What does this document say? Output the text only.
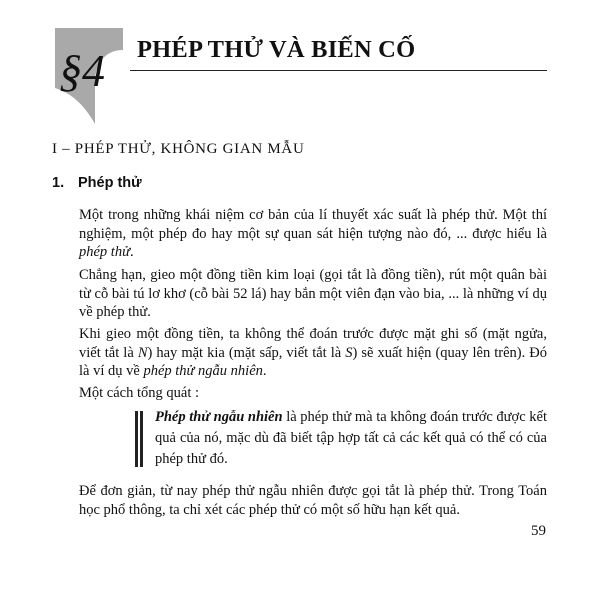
§4 PHÉP THỬ VÀ BIẾN CỐ
I – PHÉP THỬ, KHÔNG GIAN MẪU
1. Phép thử

Một trong những khái niệm cơ bản của lí thuyết xác suất là phép thử. Một thí nghiệm, một phép đo hay một sự quan sát hiện tượng nào đó, ... được hiểu là phép thử.

Chẳng hạn, gieo một đồng tiền kim loại (gọi tắt là đồng tiền), rút một quân bài từ cỗ bài tú lơ khơ (cỗ bài 52 lá) hay bắn một viên đạn vào bia, ... là những ví dụ về phép thử.

Khi gieo một đồng tiền, ta không thể đoán trước được mặt ghi số (mặt ngửa, viết tắt là N) hay mặt kia (mặt sấp, viết tắt là S) sẽ xuất hiện (quay lên trên). Đó là ví dụ về phép thử ngẫu nhiên.

Một cách tổng quát :

Phép thử ngẫu nhiên là phép thử mà ta không đoán trước được kết quả của nó, mặc dù đã biết tập hợp tất cả các kết quả có thể có của phép thử đó.

Để đơn giản, từ nay phép thử ngẫu nhiên được gọi tắt là phép thử. Trong Toán học phổ thông, ta chỉ xét các phép thử có một số hữu hạn kết quả.

59
